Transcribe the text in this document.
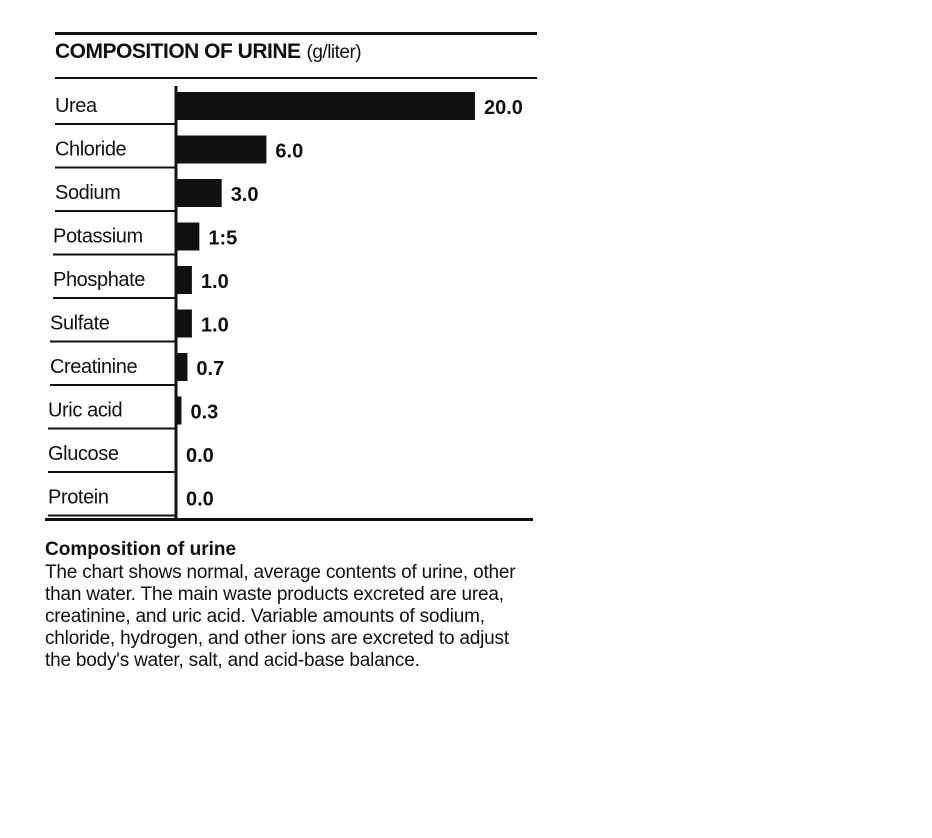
COMPOSITION OF URINE (g/liter)
Urea	20.0
Chloride	6.0
Sodium	3.0
Potassium	1:5
Phosphate	1.0
Sulfate	1.0
Creatinine	0.7
Uric acid	0.3
Glucose	0.0
Protein	0.0
Composition of urine
The chart shows normal, average contents of urine, other than water. The main waste products excreted are urea, creatinine, and uric acid. Variable amounts of sodium, chloride, hydrogen, and other ions are excreted to adjust the body's water, salt, and acid-base balance.
